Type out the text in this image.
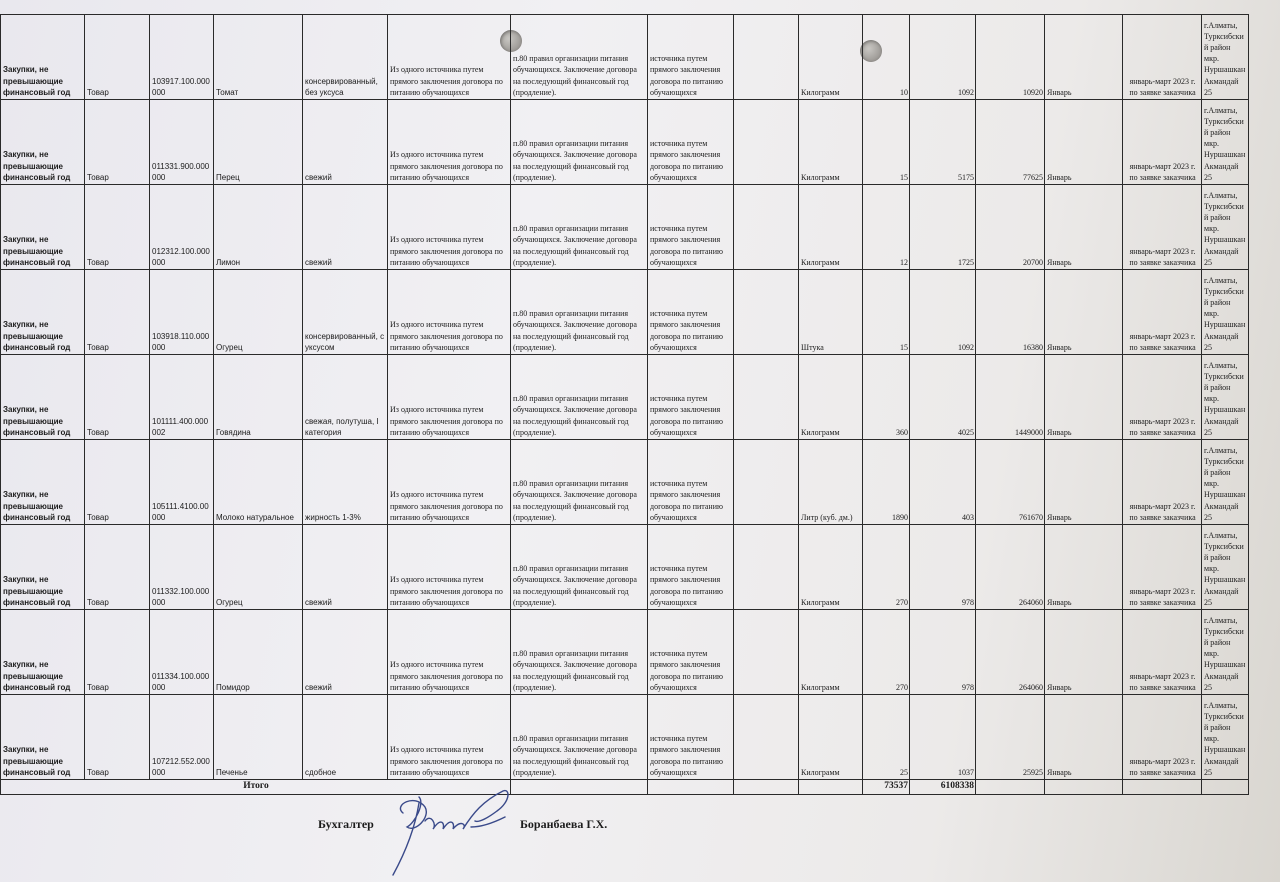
Закупки, не превышающие финансовый год	Товар	103917.100.000000	Томат	консервированный, без уксуса	Из одного источника путем прямого заключения договора по питанию обучающихся	п.80 правил организации питания обучающихся. Заключение договора на последующий финансовый год (продление).	источника путем прямого заключения договора по питанию обучающихся		Килограмм	10	1092	10920	Январь	январь-март 2023 г. по заявке заказчика	г.Алматы, Турксибский район мкр. Нуршашкан Акмандай 25
Закупки, не превышающие финансовый год	Товар	011331.900.000000	Перец	свежий	Из одного источника путем прямого заключения договора по питанию обучающихся	п.80 правил организации питания обучающихся. Заключение договора на последующий финансовый год (продление).	источника путем прямого заключения договора по питанию обучающихся		Килограмм	15	5175	77625	Январь	январь-март 2023 г. по заявке заказчика	г.Алматы, Турксибский район мкр. Нуршашкан Акмандай 25
Закупки, не превышающие финансовый год	Товар	012312.100.000000	Лимон	свежий	Из одного источника путем прямого заключения договора по питанию обучающихся	п.80 правил организации питания обучающихся. Заключение договора на последующий финансовый год (продление).	источника путем прямого заключения договора по питанию обучающихся		Килограмм	12	1725	20700	Январь	январь-март 2023 г. по заявке заказчика	г.Алматы, Турксибский район мкр. Нуршашкан Акмандай 25
Закупки, не превышающие финансовый год	Товар	103918.110.000000	Огурец	консервированный, с уксусом	Из одного источника путем прямого заключения договора по питанию обучающихся	п.80 правил организации питания обучающихся. Заключение договора на последующий финансовый год (продление).	источника путем прямого заключения договора по питанию обучающихся		Штука	15	1092	16380	Январь	январь-март 2023 г. по заявке заказчика	г.Алматы, Турксибский район мкр. Нуршашкан Акмандай 25
Закупки, не превышающие финансовый год	Товар	101111.400.000002	Говядина	свежая, полутуша, I категория	Из одного источника путем прямого заключения договора по питанию обучающихся	п.80 правил организации питания обучающихся. Заключение договора на последующий финансовый год (продление).	источника путем прямого заключения договора по питанию обучающихся		Килограмм	360	4025	1449000	Январь	январь-март 2023 г. по заявке заказчика	г.Алматы, Турксибский район мкр. Нуршашкан Акмандай 25
Закупки, не превышающие финансовый год	Товар	105111.4100.00000	Молоко натуральное	жирность 1-3%	Из одного источника путем прямого заключения договора по питанию обучающихся	п.80 правил организации питания обучающихся. Заключение договора на последующий финансовый год (продление).	источника путем прямого заключения договора по питанию обучающихся		Литр (куб. дм.)	1890	403	761670	Январь	январь-март 2023 г. по заявке заказчика	г.Алматы, Турксибский район мкр. Нуршашкан Акмандай 25
Закупки, не превышающие финансовый год	Товар	011332.100.000000	Огурец	свежий	Из одного источника путем прямого заключения договора по питанию обучающихся	п.80 правил организации питания обучающихся. Заключение договора на последующий финансовый год (продление).	источника путем прямого заключения договора по питанию обучающихся		Килограмм	270	978	264060	Январь	январь-март 2023 г. по заявке заказчика	г.Алматы, Турксибский район мкр. Нуршашкан Акмандай 25
Закупки, не превышающие финансовый год	Товар	011334.100.000000	Помидор	свежий	Из одного источника путем прямого заключения договора по питанию обучающихся	п.80 правил организации питания обучающихся. Заключение договора на последующий финансовый год (продление).	источника путем прямого заключения договора по питанию обучающихся		Килограмм	270	978	264060	Январь	январь-март 2023 г. по заявке заказчика	г.Алматы, Турксибский район мкр. Нуршашкан Акмандай 25
Закупки, не превышающие финансовый год	Товар	107212.552.000000	Печенье	сдобное	Из одного источника путем прямого заключения договора по питанию обучающихся	п.80 правил организации питания обучающихся. Заключение договора на последующий финансовый год (продление).	источника путем прямого заключения договора по питанию обучающихся		Килограмм	25	1037	25925	Январь	январь-март 2023 г. по заявке заказчика	г.Алматы, Турксибский район мкр. Нуршашкан Акмандай 25
Итого										73537	6108338				
Бухгалтер	Боранбаева Г.Х.
